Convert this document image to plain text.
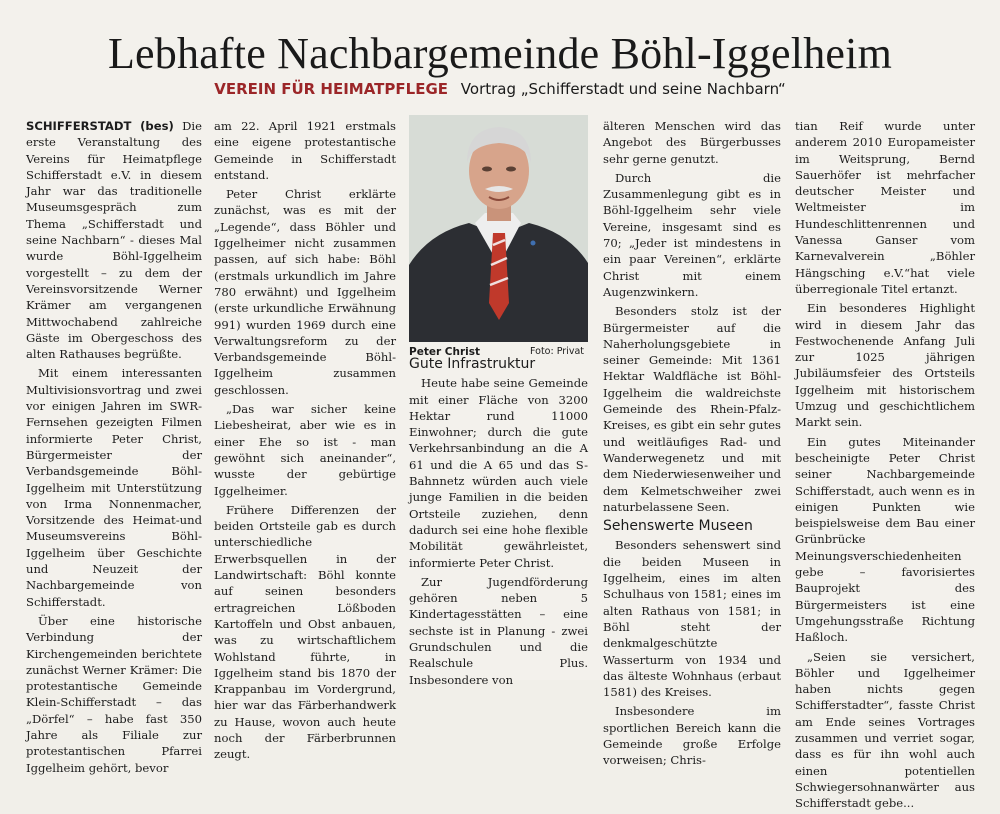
Lebhafte Nachbargemeinde Böhl-Iggelheim
VEREIN FÜR HEIMATPFLEGE Vortrag „Schifferstadt und seine Nachbarn“

SCHIFFERSTADT (bes) Die erste Veranstaltung des Vereins für Heimatpflege Schifferstadt e.V. in diesem Jahr war das traditionelle Museumsgespräch zum Thema „Schifferstadt und seine Nachbarn“ - dieses Mal wurde Böhl-Iggelheim vorgestellt – zu dem der Vereinsvorsitzende Werner Krämer am vergangenen Mittwochabend zahlreiche Gäste im Obergeschoss des alten Rathauses begrüßte.

Mit einem interessanten Multivisionsvortrag und zwei vor einigen Jahren im SWR-Fernsehen gezeigten Filmen informierte Peter Christ, Bürgermeister der Verbandsgemeinde Böhl-Iggelheim mit Unterstützung von Irma Nonnenmacher, Vorsitzende des Heimat-und Museumsvereins Böhl-Iggelheim über Geschichte und Neuzeit der Nachbargemeinde von Schifferstadt.

Über eine historische Verbindung der Kirchengemeinden berichtete zunächst Werner Krämer: Die protestantische Gemeinde Klein-Schifferstadt – das „Dörfel“ – habe fast 350 Jahre als Filiale zur protestantischen Pfarrei Iggelheim gehört, bevor

am 22. April 1921 erstmals eine eigene protestantische Gemeinde in Schifferstadt entstand.

Peter Christ erklärte zunächst, was es mit der „Legende“, dass Böhler und Iggelheimer nicht zusammen passen, auf sich habe: Böhl (erstmals urkundlich im Jahre 780 erwähnt) und Iggelheim (erste urkundliche Erwähnung 991) wurden 1969 durch eine Verwaltungsreform zu der Verbandsgemeinde Böhl-Iggelheim zusammen geschlossen.

„Das war sicher keine Liebesheirat, aber wie es in einer Ehe so ist - man gewöhnt sich aneinander“, wusste der gebürtige Iggelheimer.

Frühere Differenzen der beiden Ortsteile gab es durch unterschiedliche Erwerbsquellen in der Landwirtschaft: Böhl konnte auf seinen besonders ertragreichen Lößboden Kartoffeln und Obst anbauen, was zu wirtschaftlichem Wohlstand führte, in Iggelheim stand bis 1870 der Krappanbau im Vordergrund, hier war das Färberhandwerk zu Hause, wovon auch heute noch der Färberbrunnen zeugt.

Peter Christ	Foto: Privat

Gute Infrastruktur

Heute habe seine Gemeinde mit einer Fläche von 3200 Hektar rund 11000 Einwohner; durch die gute Verkehrsanbindung an die A 61 und die A 65 und das S-Bahnnetz würden auch viele junge Familien in die beiden Ortsteile zuziehen, denn dadurch sei eine hohe flexible Mobilität gewährleistet, informierte Peter Christ.

Zur Jugendförderung gehören neben 5 Kindertagesstätten – eine sechste ist in Planung - zwei Grundschulen und die Realschule Plus. Insbesondere von

älteren Menschen wird das Angebot des Bürgerbusses sehr gerne genutzt.

Durch die Zusammenlegung gibt es in Böhl-Iggelheim sehr viele Vereine, insgesamt sind es 70; „Jeder ist mindestens in ein paar Vereinen“, erklärte Christ mit einem Augenzwinkern.

Besonders stolz ist der Bürgermeister auf die Naherholungsgebiete in seiner Gemeinde: Mit 1361 Hektar Waldfläche ist Böhl-Iggelheim die waldreichste Gemeinde des Rhein-Pfalz-Kreises, es gibt ein sehr gutes und weitläufiges Rad- und Wanderwegenetz und mit dem Niederwiesenweiher und dem Kelmetschweiher zwei naturbelassene Seen.

Sehenswerte Museen

Besonders sehenswert sind die beiden Museen in Iggelheim, eines im alten Schulhaus von 1581; eines im alten Rathaus von 1581; in Böhl steht der denkmalgeschützte Wasserturm von 1934 und das älteste Wohnhaus (erbaut 1581) des Kreises.

Insbesondere im sportlichen Bereich kann die Gemeinde große Erfolge vorweisen; Chris-

tian Reif wurde unter anderem 2010 Europameister im Weitsprung, Bernd Sauerhöfer ist mehrfacher deutscher Meister und Weltmeister im Hundeschlittenrennen und Vanessa Ganser vom Karnevalverein „Böhler Hängsching e.V.“hat viele überregionale Titel ertanzt.

Ein besonderes Highlight wird in diesem Jahr das Festwochenende Anfang Juli zur 1025 jährigen Jubiläumsfeier des Ortsteils Iggelheim mit historischem Umzug und geschichtlichem Markt sein.

Ein gutes Miteinander bescheinigte Peter Christ seiner Nachbargemeinde Schifferstadt, auch wenn es in einigen Punkten wie beispielsweise dem Bau einer Grünbrücke Meinungsverschiedenheiten gebe – favorisiertes Bauprojekt des Bürgermeisters ist eine Umgehungsstraße Richtung Haßloch.

„Seien sie versichert, Böhler und Iggelheimer haben nichts gegen Schifferstadter“, fasste Christ am Ende seines Vortrages zusammen und verriet sogar, dass es für ihn wohl auch einen potentiellen Schwiegersohnanwärter aus Schifferstadt gebe...
